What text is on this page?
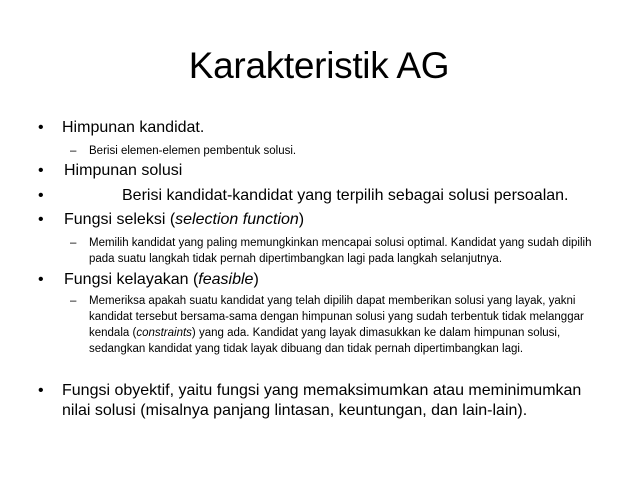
Karakteristik AG
• Himpunan kandidat.
– Berisi elemen-elemen pembentuk solusi.
• Himpunan solusi
•	Berisi kandidat-kandidat yang terpilih sebagai solusi persoalan.
• Fungsi seleksi (selection function)
– Memilih kandidat yang paling memungkinkan mencapai solusi optimal. Kandidat yang sudah dipilih pada suatu langkah tidak pernah dipertimbangkan lagi pada langkah selanjutnya.
• Fungsi kelayakan (feasible)
– Memeriksa apakah suatu kandidat yang telah dipilih dapat memberikan solusi yang layak, yakni kandidat tersebut bersama-sama dengan himpunan solusi yang sudah terbentuk tidak melanggar kendala (constraints) yang ada. Kandidat yang layak dimasukkan ke dalam himpunan solusi, sedangkan kandidat yang tidak layak dibuang dan tidak pernah dipertimbangkan lagi.
• Fungsi obyektif, yaitu fungsi yang memaksimumkan atau meminimumkan nilai solusi (misalnya panjang lintasan, keuntungan, dan lain-lain).
